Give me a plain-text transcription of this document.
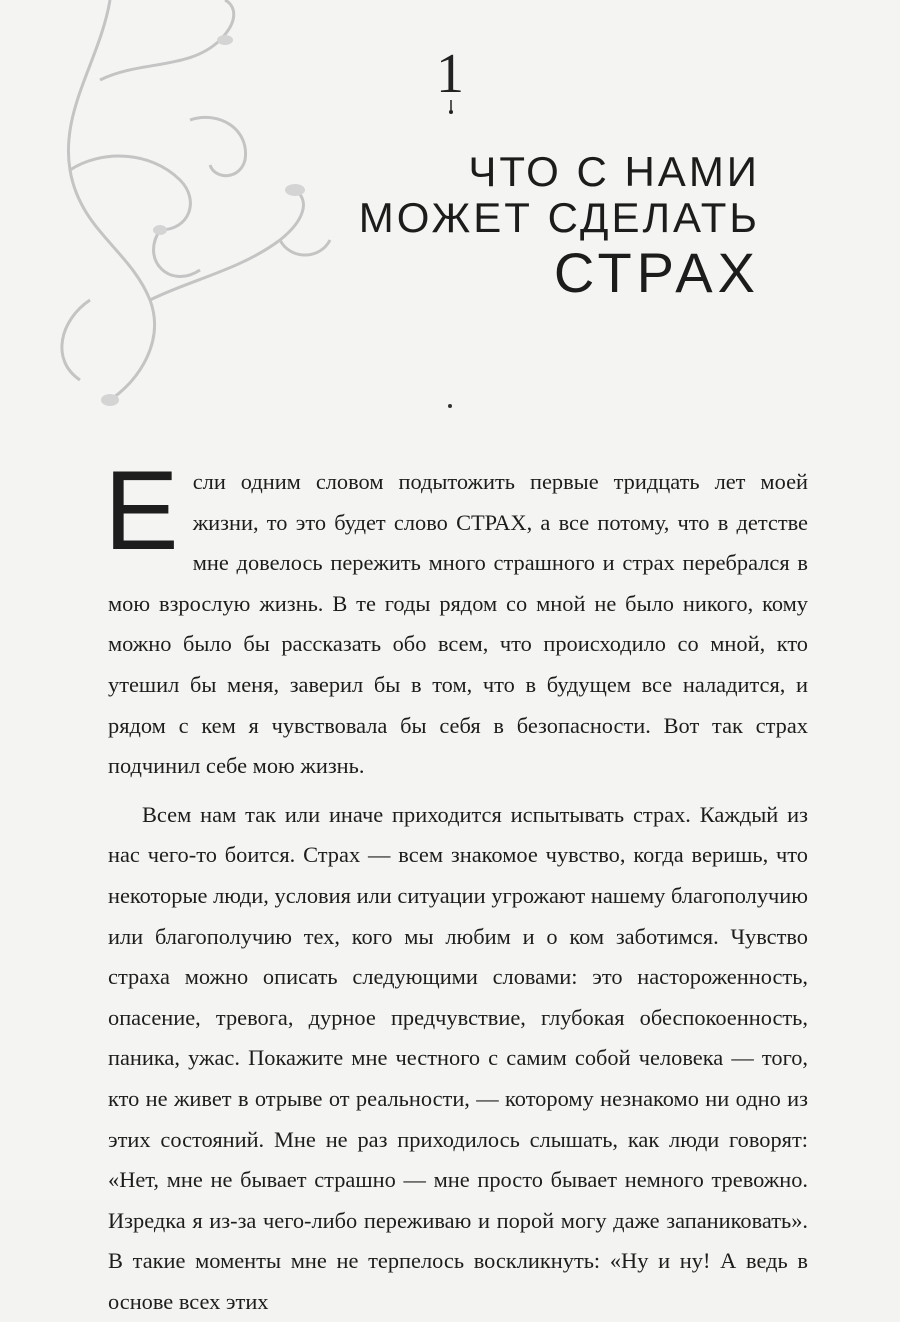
1
ЧТО С НАМИ
МОЖЕТ СДЕЛАТЬ
СТРАХ

Если одним словом подытожить первые тридцать лет моей жизни, то это будет слово СТРАХ, а все потому, что в детстве мне довелось пережить много страшного и страх перебрался в мою взрослую жизнь. В те годы рядом со мной не было никого, кому можно было бы рассказать обо всем, что происходило со мной, кто утешил бы меня, заверил бы в том, что в будущем все наладится, и рядом с кем я чувствовала бы себя в безопасности. Вот так страх подчинил себе мою жизнь.

Всем нам так или иначе приходится испытывать страх. Каждый из нас чего-то боится. Страх — всем знакомое чувство, когда веришь, что некоторые люди, условия или ситуации угрожают нашему благополучию или благополучию тех, кого мы любим и о ком заботимся. Чувство страха можно описать следующими словами: это настороженность, опасение, тревога, дурное предчувствие, глубокая обеспокоенность, паника, ужас. Покажите мне честного с самим собой человека — того, кто не живет в отрыве от реальности, — которому незнакомо ни одно из этих состояний. Мне не раз приходилось слышать, как люди говорят: «Нет, мне не бывает страшно — мне просто бывает немного тревожно. Изредка я из-за чего-либо переживаю и порой могу даже запаниковать». В такие моменты мне не терпелось воскликнуть: «Ну и ну! А ведь в основе всех этих
